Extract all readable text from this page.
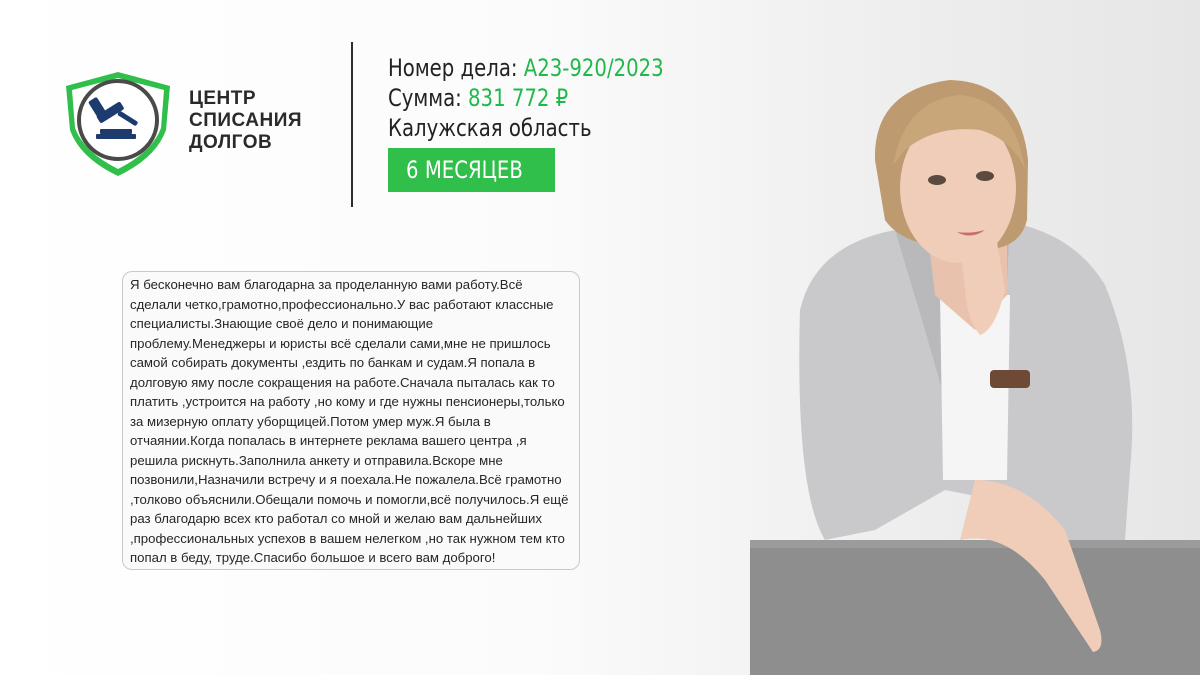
ЦЕНТР
СПИСАНИЯ
ДОЛГОВ
Номер дела: А23-920/2023
Сумма: 831 772 ₽
Калужская область
6 МЕСЯЦЕВ
Я бесконечно вам благодарна за проделанную вами работу.Всё сделали четко,грамотно,профессионально.У вас работают классные специалисты.Знающие своё дело и понимающие проблему.Менеджеры и юристы всё сделали сами,мне не пришлось самой собирать документы ,ездить по банкам и судам.Я попала в долговую яму после сокращения на работе.Сначала пыталась как то платить ,устроится на работу ,но кому и где нужны пенсионеры,только за мизерную оплату уборщицей.Потом умер муж.Я была в отчаянии.Когда попалась в интернете реклама вашего центра ,я решила рискнуть.Заполнила анкету и отправила.Вскоре мне позвонили,Назначили встречу и я поехала.Не пожалела.Всё грамотно ,толково объяснили.Обещали помочь и помогли,всё получилось.Я ещё раз благодарю всех кто работал со мной и желаю вам дальнейших ,профессиональных успехов в вашем нелегком ,но так нужном тем кто попал в беду, труде.Спасибо большое и всего вам доброго!
